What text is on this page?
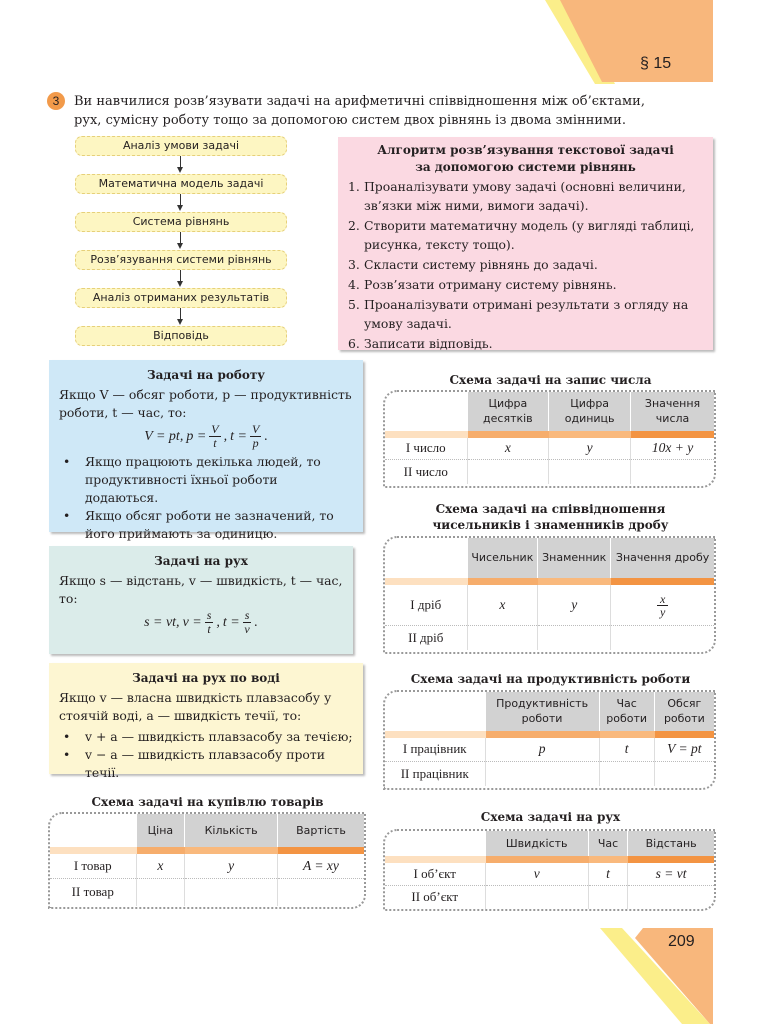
§ 15
209
3	Ви навчилися розв’язувати задачі на арифметичні співвідношення між об’єктами, рух, сумісну роботу тощо за допомогою систем двох рівнянь із двома змінними.
Аналіз умови задачі
Математична модель задачі
Система рівнянь
Розв’язування системи рівнянь
Аналіз отриманих результатів
Відповідь
Алгоритм розв’язування текстової задачі
за допомогою системи рівнянь
1. Проаналізувати умову задачі (основні величини, зв’язки між ними, вимоги задачі).
2. Створити математичну модель (у вигляді таблиці, рисунка, тексту тощо).
3. Скласти систему рівнянь до задачі.
4. Розв’язати отриману систему рівнянь.
5. Проаналізувати отримані результати з огляду на умову задачі.
6. Записати відповідь.
Задачі на роботу
Якщо V — обсяг роботи, p — продуктивність роботи, t — час, то:
V = pt, $p = \frac{V}{t}$ , $t = \frac{V}{p}$ .
• Якщо працюють декілька людей, то продуктивності їхньої роботи додаються.
• Якщо обсяг роботи не зазначений, то його приймають за одиницю.
Задачі на рух
Якщо s — відстань, v — швидкість, t — час, то:
s = vt, $v = \frac{s}{t}$ , $t = \frac{s}{v}$ .
Задачі на рух по воді
Якщо v — власна швидкість плавзасобу у стоячій воді, a — швидкість течії, то:
• v + a — швидкість плавзасобу за течією;
• v − a — швидкість плавзасобу проти течії.
Схема задачі на запис числа
	Цифра десятків	Цифра одиниць	Значення числа
I число	x	y	10x + y
II число			
Схема задачі на співвідношення
чисельників і знаменників дробу
	Чисельник	Знаменник	Значення дробу
I дріб	x	y	$\frac{x}{y}$

II дріб			
Схема задачі на продуктивність роботи
	Продуктивність роботи	Час роботи	Обсяг роботи
I працівник	p	t	V = pt
II працівник			
Схема задачі на купівлю товарів
	Ціна	Кількість	Вартість
I товар	x	y	A = xy
II товар			
Схема задачі на рух
	Швидкість	Час	Відстань
I об’єкт	v	t	s = vt
II об’єкт			
